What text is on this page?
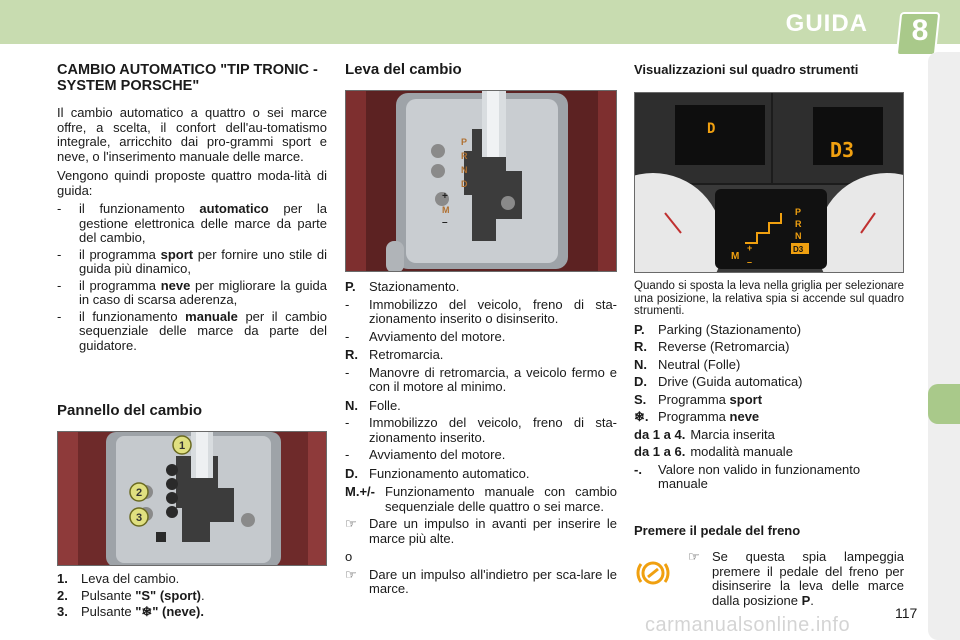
GUIDA 8
CAMBIO AUTOMATICO "TIP TRONIC - SYSTEM PORSCHE"
Il cambio automatico a quattro o sei marce offre, a scelta, il confort dell'au-tomatismo integrale, arricchito dai pro-grammi sport e neve, o l'inserimento manuale delle marce.
Vengono quindi proposte quattro moda-lità di guida:
-	il funzionamento automatico per la gestione elettronica delle marce da parte del cambio,
-	il programma sport per fornire uno stile di guida più dinamico,
-	il programma neve per migliorare la guida in caso di scarsa aderenza,
-	il funzionamento manuale per il cambio sequenziale delle marce da parte del guidatore.
Pannello del cambio
1
2
3
1.	Leva del cambio.
2.	Pulsante "S" (sport).
3.	Pulsante "❄" (neve).
Leva del cambio
P
R
N
D
M
+
–
P.	Stazionamento.
-	Immobilizzo del veicolo, freno di sta-zionamento inserito o disinserito.
-	Avviamento del motore.
R. Retromarcia.
-	Manovre di retromarcia, a veicolo fermo e con il motore al minimo.
N. Folle.
-	Immobilizzo del veicolo, freno di sta-zionamento inserito.
-	Avviamento del motore.
D. Funzionamento automatico.
M.+/- Funzionamento manuale con cambio sequenziale delle quattro o sei marce.
☞ Dare un impulso in avanti per inserire le marce più alte.
o
☞ Dare un impulso all'indietro per sca-lare le marce.
Visualizzazioni sul quadro strumenti
D
D3
P
R
N
D3
M
+
–
Quando si sposta la leva nella griglia per selezionare una posizione, la relativa spia si accende sul quadro strumenti.
P.	Parking (Stazionamento)
R. Reverse (Retromarcia)
N. Neutral (Folle)
D. Drive (Guida automatica)
S. Programma sport
❄. Programma neve
da 1 a 4. Marcia inserita
da 1 a 6. modalità manuale
-.	Valore non valido in funzionamento manuale
Premere il pedale del freno
☞ Se questa spia lampeggia premere il pedale del freno per disinserire la leva delle marce dalla posizione P.
117
carmanualsonline.info
